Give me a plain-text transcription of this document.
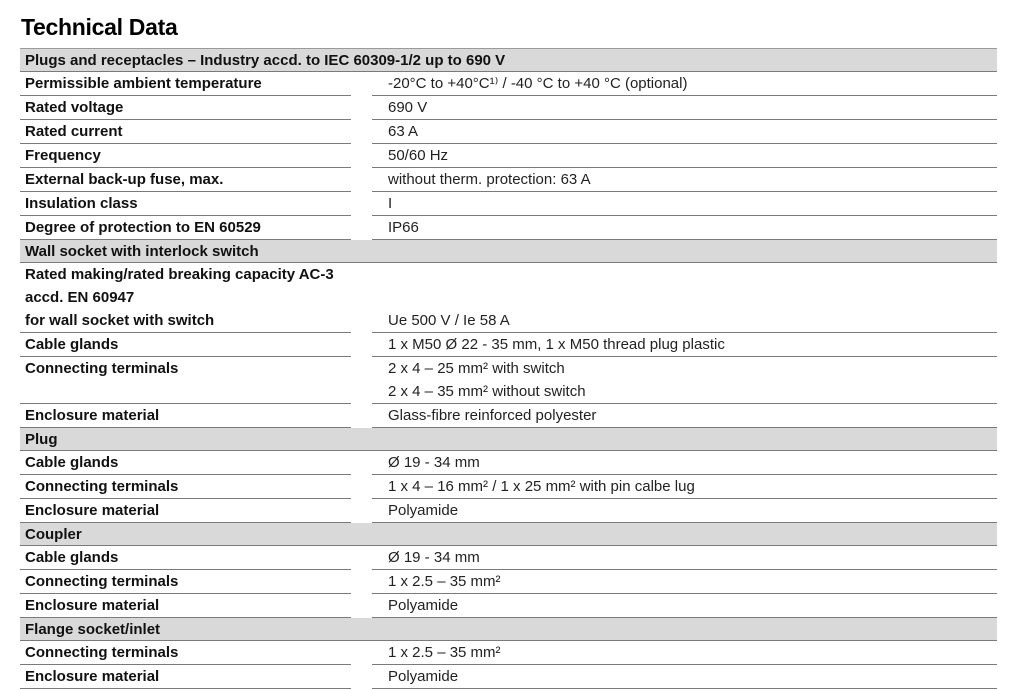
Technical Data
Plugs and receptacles – Industry accd. to IEC 60309-1/2 up to 690 V
Permissible ambient temperature	-20°C to +40°C¹⁾ / -40 °C to +40 °C (optional)
Rated voltage	690 V
Rated current	63 A
Frequency	50/60 Hz
External back-up fuse, max.	without therm. protection: 63 A
Insulation class	I
Degree of protection to EN 60529	IP66
Wall socket with interlock switch
Rated making/rated breaking capacity AC-3
accd. EN 60947
for wall socket with switch	Ue 500 V / Ie 58 A
Cable glands	1 x M50 Ø 22 - 35 mm, 1 x M50 thread plug plastic
Connecting terminals	2 x 4 – 25 mm² with switch
2 x 4 – 35 mm² without switch
Enclosure material	Glass-fibre reinforced polyester
Plug
Cable glands	Ø 19 - 34 mm
Connecting terminals	1 x 4 – 16 mm² / 1 x 25 mm² with pin calbe lug
Enclosure material	Polyamide
Coupler
Cable glands	Ø 19 - 34 mm
Connecting terminals	1 x 2.5 – 35 mm²
Enclosure material	Polyamide
Flange socket/inlet
Connecting terminals	1 x 2.5 – 35 mm²
Enclosure material	Polyamide
